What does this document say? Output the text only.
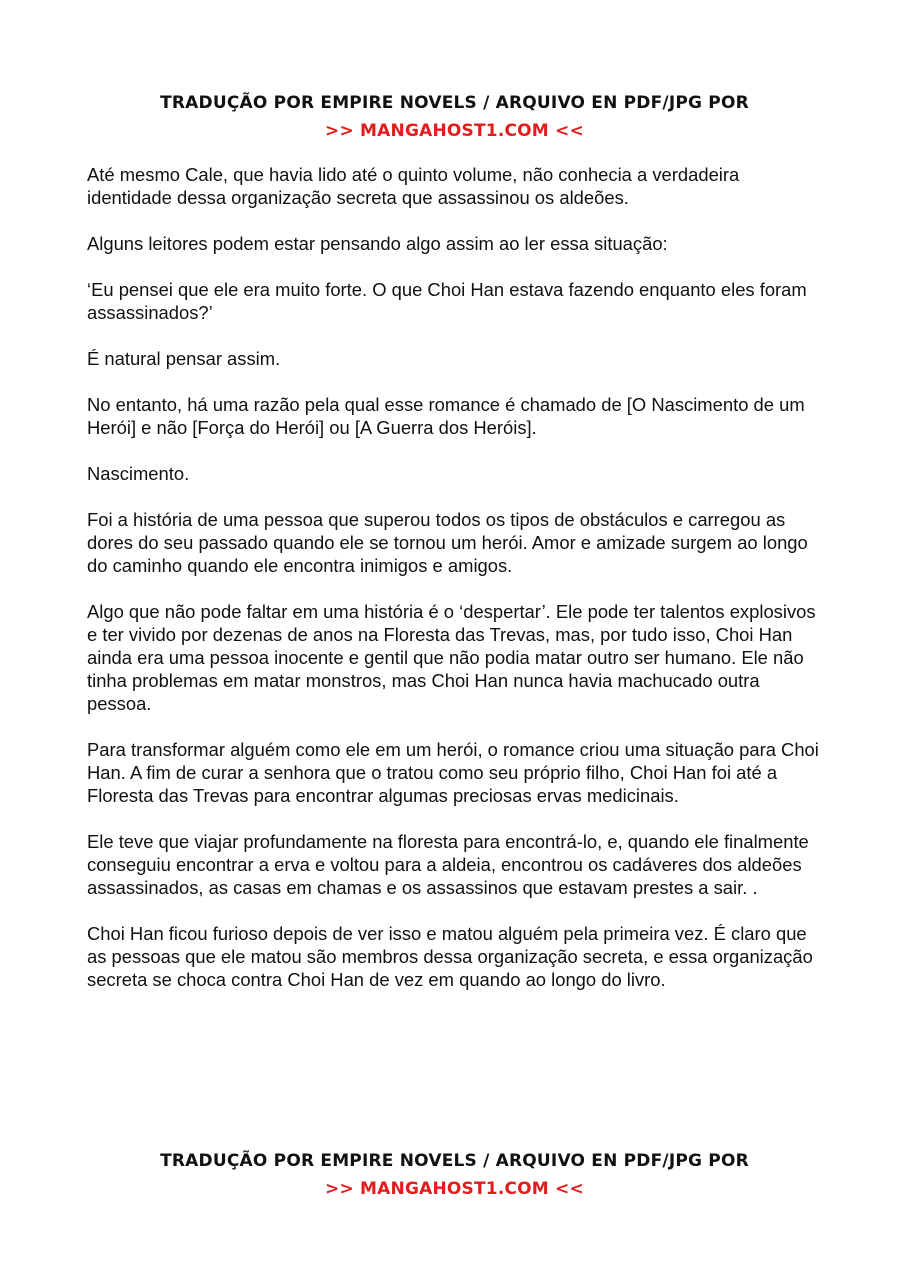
TRADUÇÃO POR EMPIRE NOVELS / ARQUIVO EN PDF/JPG POR
>> MANGAHOST1.COM <<

Até mesmo Cale, que havia lido até o quinto volume, não conhecia a verdadeira identidade dessa organização secreta que assassinou os aldeões.

Alguns leitores podem estar pensando algo assim ao ler essa situação:

‘Eu pensei que ele era muito forte. O que Choi Han estava fazendo enquanto eles foram assassinados?’

É natural pensar assim.

No entanto, há uma razão pela qual esse romance é chamado de [O Nascimento de um Herói] e não [Força do Herói] ou [A Guerra dos Heróis].

Nascimento.

Foi a história de uma pessoa que superou todos os tipos de obstáculos e carregou as dores do seu passado quando ele se tornou um herói. Amor e amizade surgem ao longo do caminho quando ele encontra inimigos e amigos.

Algo que não pode faltar em uma história é o ‘despertar’. Ele pode ter talentos explosivos e ter vivido por dezenas de anos na Floresta das Trevas, mas, por tudo isso, Choi Han ainda era uma pessoa inocente e gentil que não podia matar outro ser humano. Ele não tinha problemas em matar monstros, mas Choi Han nunca havia machucado outra pessoa.

Para transformar alguém como ele em um herói, o romance criou uma situação para Choi Han. A fim de curar a senhora que o tratou como seu próprio filho, Choi Han foi até a Floresta das Trevas para encontrar algumas preciosas ervas medicinais.

Ele teve que viajar profundamente na floresta para encontrá-lo, e, quando ele finalmente conseguiu encontrar a erva e voltou para a aldeia, encontrou os cadáveres dos aldeões assassinados, as casas em chamas e os assassinos que estavam prestes a sair. .

Choi Han ficou furioso depois de ver isso e matou alguém pela primeira vez. É claro que as pessoas que ele matou são membros dessa organização secreta, e essa organização secreta se choca contra Choi Han de vez em quando ao longo do livro.

TRADUÇÃO POR EMPIRE NOVELS / ARQUIVO EN PDF/JPG POR
>> MANGAHOST1.COM <<
